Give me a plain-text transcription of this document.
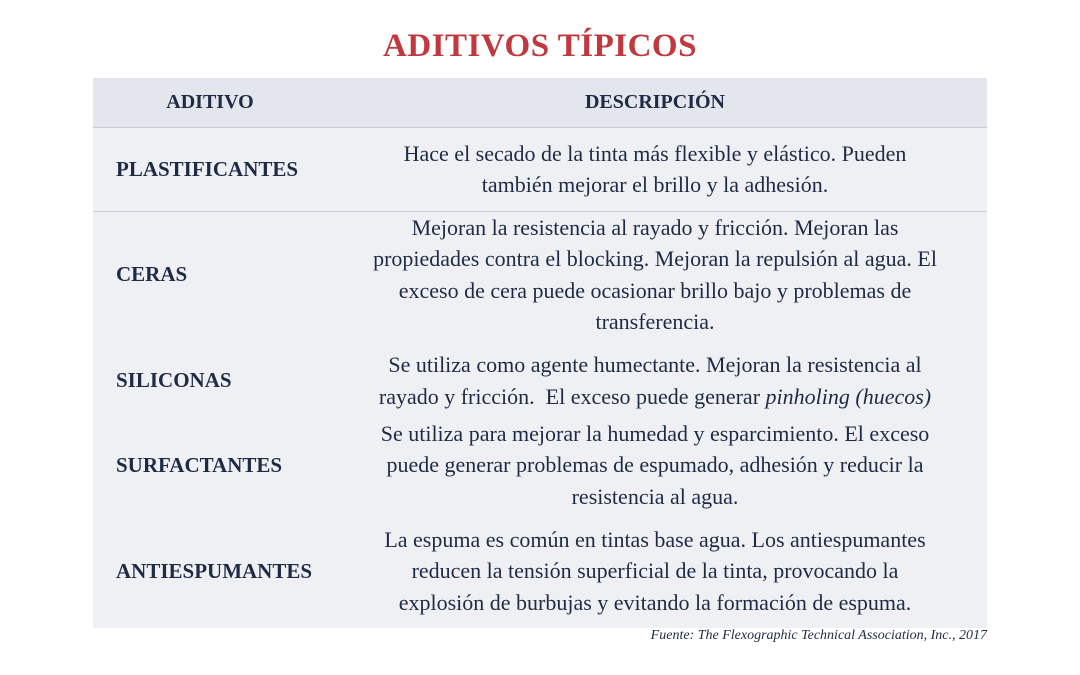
ADITIVOS TÍPICOS
ADITIVO	DESCRIPCIÓN
PLASTIFICANTES
Hace el secado de la tinta más flexible y elástico. Pueden
también mejorar el brillo y la adhesión.
CERAS
Mejoran la resistencia al rayado y fricción. Mejoran las
propiedades contra el blocking. Mejoran la repulsión al agua. El
exceso de cera puede ocasionar brillo bajo y problemas de
transferencia.
SILICONAS
Se utiliza como agente humectante. Mejoran la resistencia al
rayado y fricción.  El exceso puede generar pinholing (huecos)
SURFACTANTES
Se utiliza para mejorar la humedad y esparcimiento. El exceso
puede generar problemas de espumado, adhesión y reducir la
resistencia al agua.
ANTIESPUMANTES
La espuma es común en tintas base agua. Los antiespumantes
reducen la tensión superficial de la tinta, provocando la
explosión de burbujas y evitando la formación de espuma.
Fuente: The Flexographic Technical Association, Inc., 2017
